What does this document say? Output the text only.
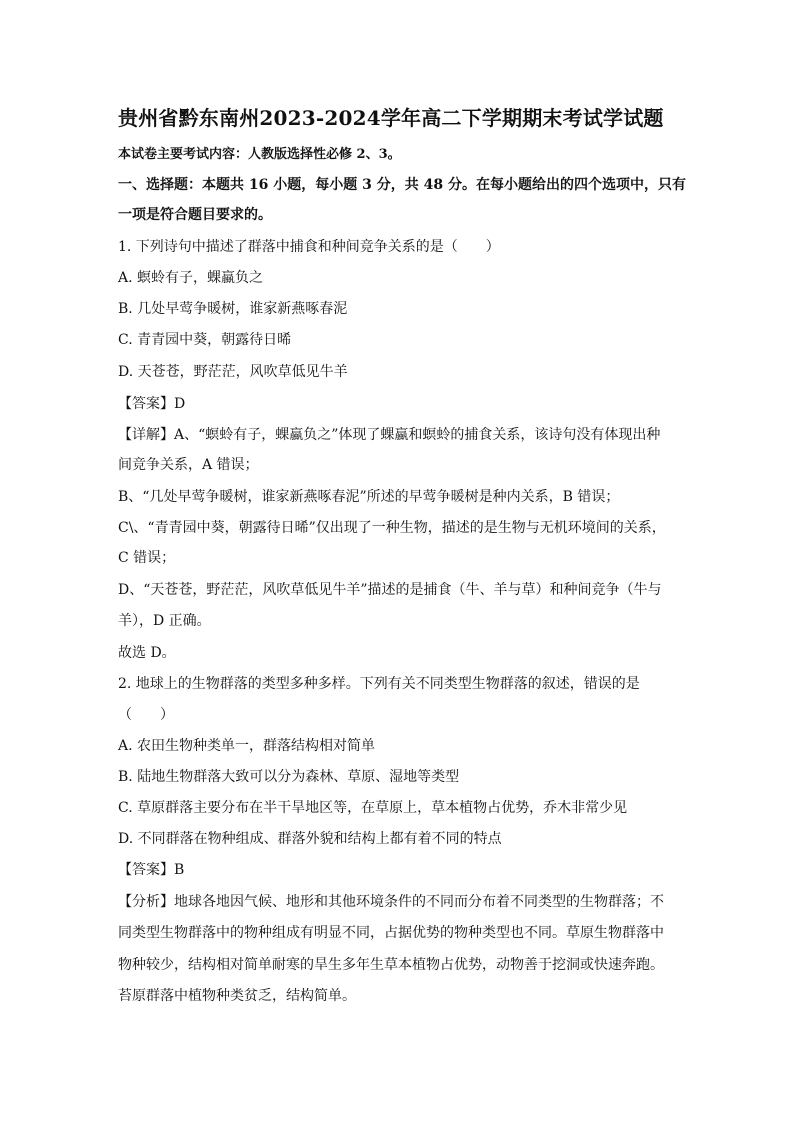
贵州省黔东南州2023-2024学年高二下学期期末考试学试题
本试卷主要考试内容：人教版选择性必修 2、3。
一、选择题：本题共 16 小题，每小题 3 分，共 48 分。在每小题给出的四个选项中，只有
一项是符合题目要求的。
1. 下列诗句中描述了群落中捕食和种间竞争关系的是（　　）
A. 螟蛉有子，蜾蠃负之
B. 几处早莺争暖树，谁家新燕啄春泥
C. 青青园中葵，朝露待日晞
D. 天苍苍，野茫茫，风吹草低见牛羊
【答案】D
【详解】A、“螟蛉有子，蜾蠃负之”体现了蜾蠃和螟蛉的捕食关系，该诗句没有体现出种
间竞争关系，A 错误；
B、“几处早莺争暖树，谁家新燕啄春泥”所述的早莺争暖树是种内关系，B 错误；
C\、“青青园中葵，朝露待日晞”仅出现了一种生物，描述的是生物与无机环境间的关系，
C 错误；
D、“天苍苍，野茫茫，风吹草低见牛羊”描述的是捕食（牛、羊与草）和种间竞争（牛与
羊），D 正确。
故选 D。
2. 地球上的生物群落的类型多种多样。下列有关不同类型生物群落的叙述，错误的是
（　　）
A. 农田生物种类单一，群落结构相对简单
B. 陆地生物群落大致可以分为森林、草原、湿地等类型
C. 草原群落主要分布在半干旱地区等，在草原上，草本植物占优势，乔木非常少见
D. 不同群落在物种组成、群落外貌和结构上都有着不同的特点
【答案】B
【分析】地球各地因气候、地形和其他环境条件的不同而分布着不同类型的生物群落；不
同类型生物群落中的物种组成有明显不同，占据优势的物种类型也不同。草原生物群落中
物种较少，结构相对简单耐寒的旱生多年生草本植物占优势，动物善于挖洞或快速奔跑。
苔原群落中植物种类贫乏，结构简单。
